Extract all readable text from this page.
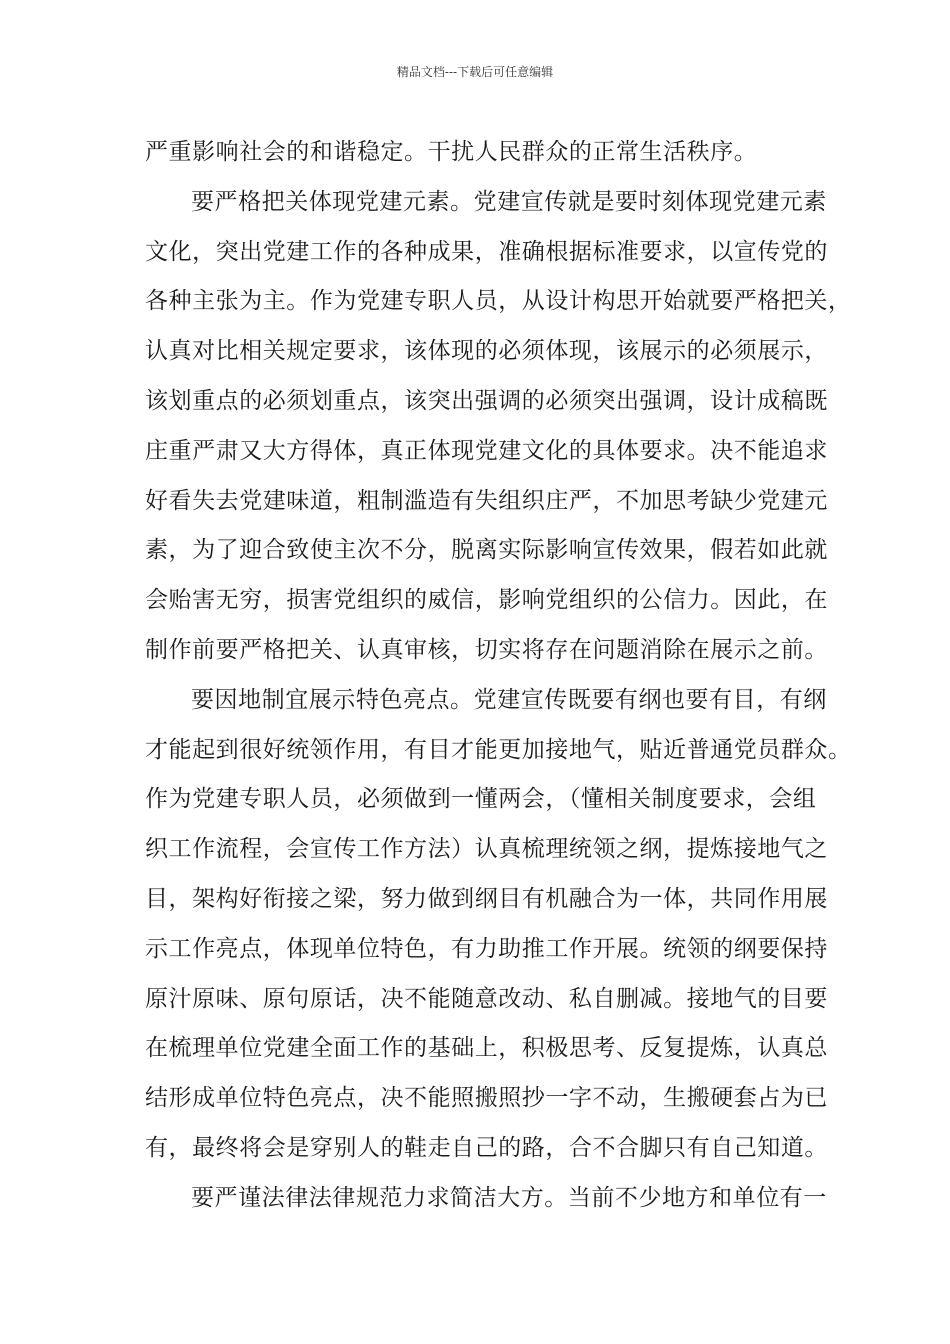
精品文档---下载后可任意编辑
严重影响社会的和谐稳定。干扰人民群众的正常生活秩序。
要严格把关体现党建元素。党建宣传就是要时刻体现党建元素
文化，突出党建工作的各种成果，准确根据标准要求，以宣传党的
各种主张为主。作为党建专职人员，从设计构思开始就要严格把关，
认真对比相关规定要求，该体现的必须体现，该展示的必须展示，
该划重点的必须划重点，该突出强调的必须突出强调，设计成稿既
庄重严肃又大方得体，真正体现党建文化的具体要求。决不能追求
好看失去党建味道，粗制滥造有失组织庄严，不加思考缺少党建元
素，为了迎合致使主次不分，脱离实际影响宣传效果，假若如此就
会贻害无穷，损害党组织的威信，影响党组织的公信力。因此，在
制作前要严格把关、认真审核，切实将存在问题消除在展示之前。
要因地制宜展示特色亮点。党建宣传既要有纲也要有目，有纲
才能起到很好统领作用，有目才能更加接地气，贴近普通党员群众。
作为党建专职人员，必须做到一懂两会，（懂相关制度要求，会组
织工作流程，会宣传工作方法）认真梳理统领之纲，提炼接地气之
目，架构好衔接之梁，努力做到纲目有机融合为一体，共同作用展
示工作亮点，体现单位特色，有力助推工作开展。统领的纲要保持
原汁原味、原句原话，决不能随意改动、私自删减。接地气的目要
在梳理单位党建全面工作的基础上，积极思考、反复提炼，认真总
结形成单位特色亮点，决不能照搬照抄一字不动，生搬硬套占为已
有，最终将会是穿别人的鞋走自己的路，合不合脚只有自己知道。
要严谨法律法律规范力求简洁大方。当前不少地方和单位有一
